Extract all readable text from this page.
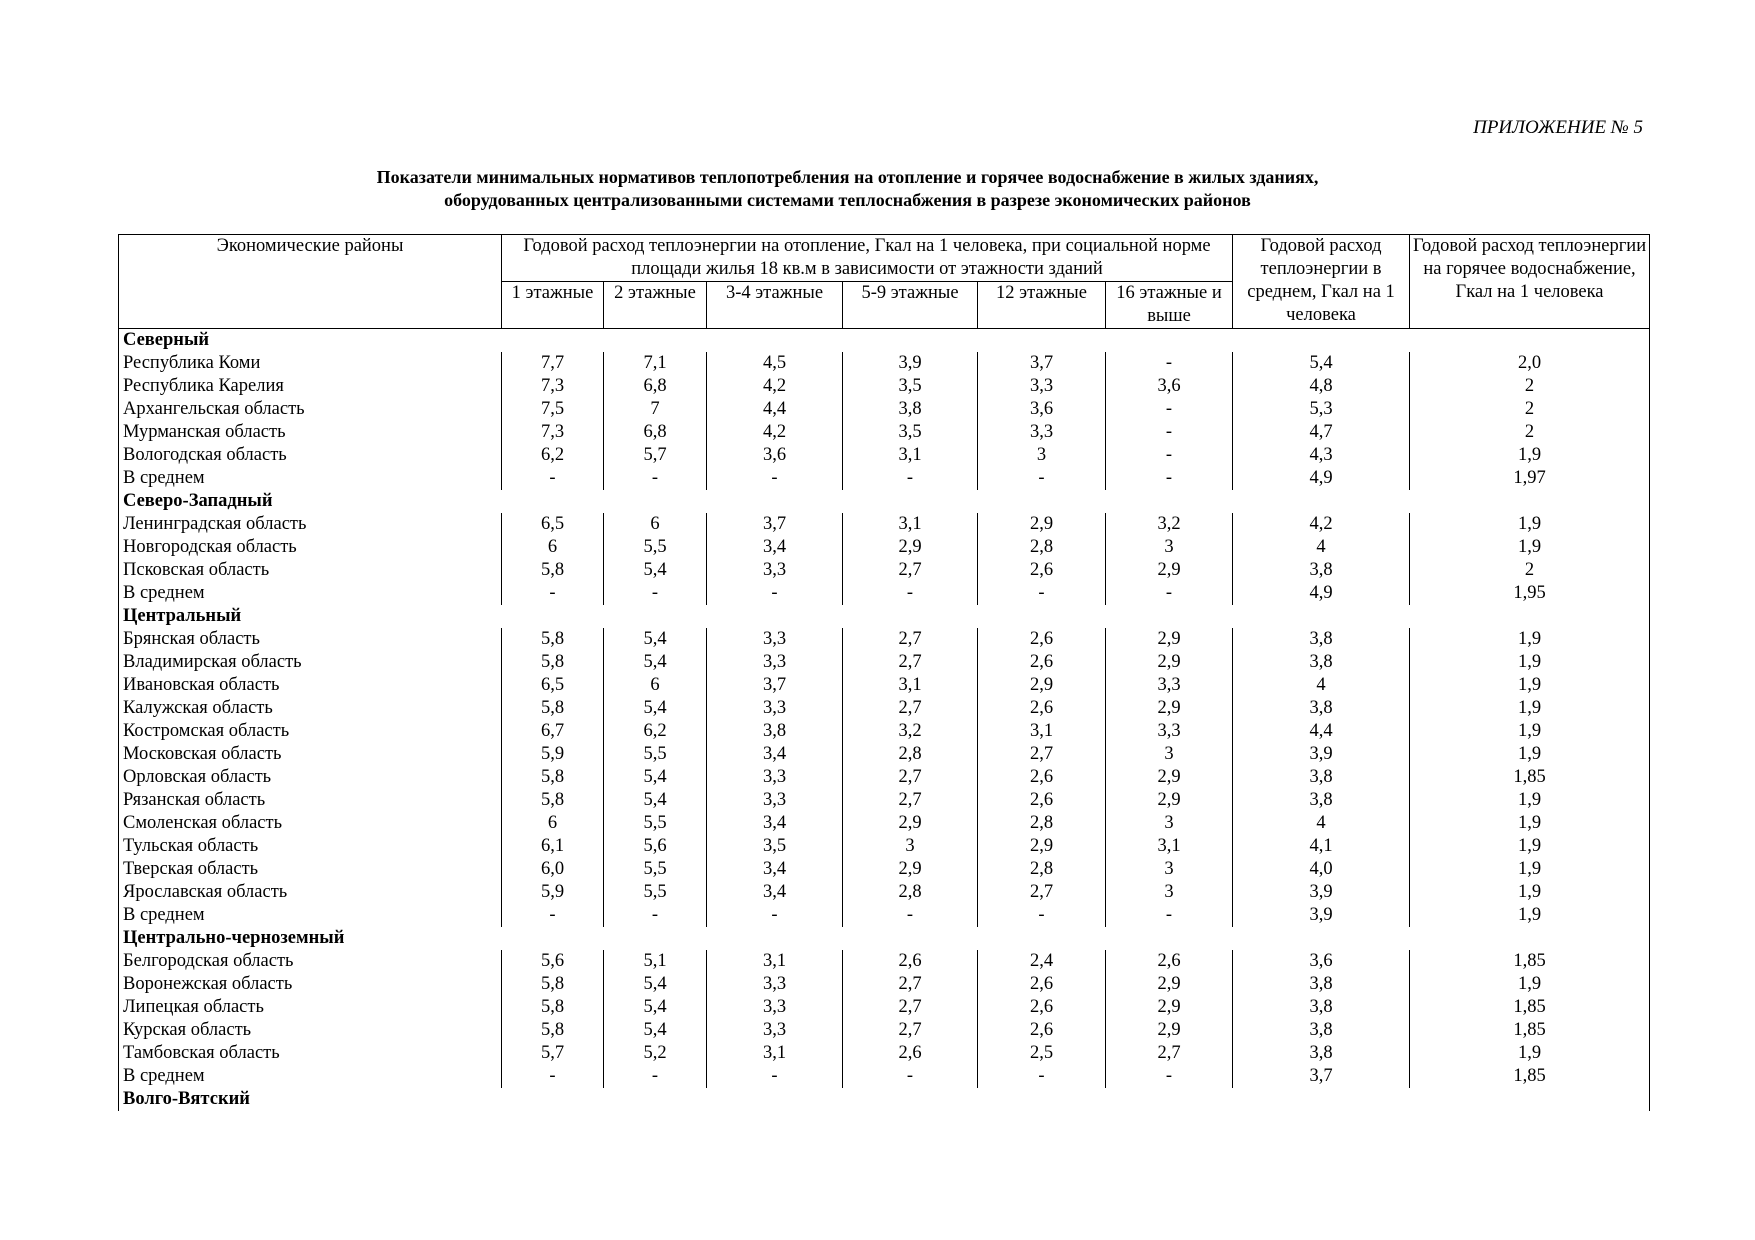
ПРИЛОЖЕНИЕ № 5
Показатели минимальных нормативов теплопотребления на отопление и горячее водоснабжение в жилых зданиях,
оборудованных централизованными системами теплоснабжения в разрезе экономических районов
Экономические районы	Годовой расход теплоэнергии на отопление, Гкал на 1 человека, при социальной норме площади жилья 18 кв.м в зависимости от этажности зданий						Годовой расход теплоэнергии в среднем, Гкал на 1 человека	Годовой расход теплоэнергии на горячее водоснабжение, Гкал на 1 человека
	1 этажные	2 этажные	3-4 этажные	5-9 этажные	12 этажные	16 этажные и выше		
Северный								
Республика Коми	7,7	7,1	4,5	3,9	3,7	-	5,4	2,0
Республика Карелия	7,3	6,8	4,2	3,5	3,3	3,6	4,8	2
Архангельская область	7,5	7	4,4	3,8	3,6	-	5,3	2
Мурманская область	7,3	6,8	4,2	3,5	3,3	-	4,7	2
Вологодская область	6,2	5,7	3,6	3,1	3	-	4,3	1,9
В среднем	-	-	-	-	-	-	4,9	1,97
Северо-Западный								
Ленинградская область	6,5	6	3,7	3,1	2,9	3,2	4,2	1,9
Новгородская область	6	5,5	3,4	2,9	2,8	3	4	1,9
Псковская область	5,8	5,4	3,3	2,7	2,6	2,9	3,8	2
В среднем	-	-	-	-	-	-	4,9	1,95
Центральный								
Брянская область	5,8	5,4	3,3	2,7	2,6	2,9	3,8	1,9
Владимирская область	5,8	5,4	3,3	2,7	2,6	2,9	3,8	1,9
Ивановская область	6,5	6	3,7	3,1	2,9	3,3	4	1,9
Калужская область	5,8	5,4	3,3	2,7	2,6	2,9	3,8	1,9
Костромская область	6,7	6,2	3,8	3,2	3,1	3,3	4,4	1,9
Московская область	5,9	5,5	3,4	2,8	2,7	3	3,9	1,9
Орловская область	5,8	5,4	3,3	2,7	2,6	2,9	3,8	1,85
Рязанская область	5,8	5,4	3,3	2,7	2,6	2,9	3,8	1,9
Смоленская область	6	5,5	3,4	2,9	2,8	3	4	1,9
Тульская область	6,1	5,6	3,5	3	2,9	3,1	4,1	1,9
Тверская область	6,0	5,5	3,4	2,9	2,8	3	4,0	1,9
Ярославская область	5,9	5,5	3,4	2,8	2,7	3	3,9	1,9
В среднем	-	-	-	-	-	-	3,9	1,9
Центрально-черноземный								
Белгородская область	5,6	5,1	3,1	2,6	2,4	2,6	3,6	1,85
Воронежская область	5,8	5,4	3,3	2,7	2,6	2,9	3,8	1,9
Липецкая область	5,8	5,4	3,3	2,7	2,6	2,9	3,8	1,85
Курская область	5,8	5,4	3,3	2,7	2,6	2,9	3,8	1,85
Тамбовская область	5,7	5,2	3,1	2,6	2,5	2,7	3,8	1,9
В среднем	-	-	-	-	-	-	3,7	1,85
Волго-Вятский								
